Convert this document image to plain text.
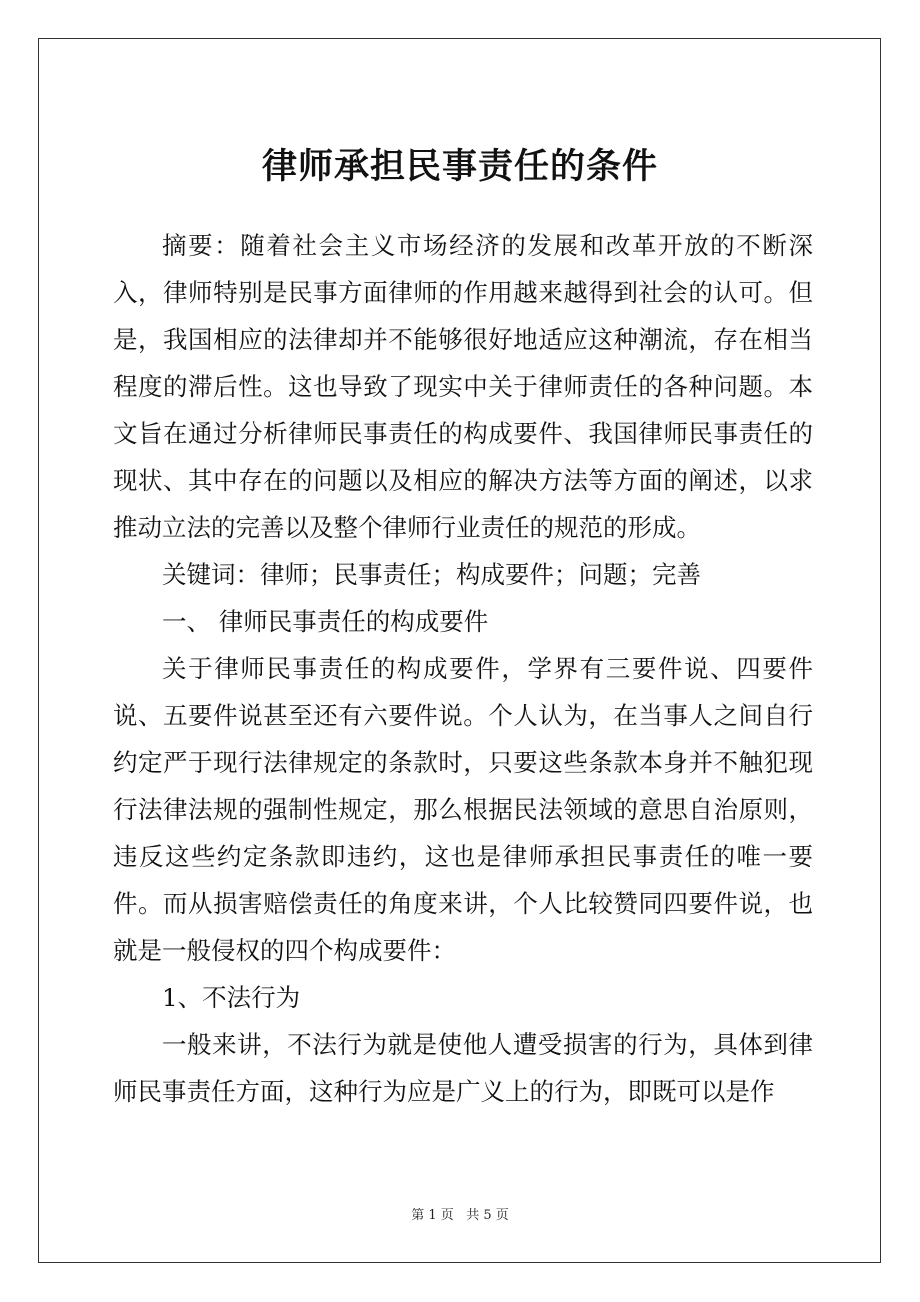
律师承担民事责任的条件

摘要：随着社会主义市场经济的发展和改革开放的不断深入，律师特别是民事方面律师的作用越来越得到社会的认可。但是，我国相应的法律却并不能够很好地适应这种潮流，存在相当程度的滞后性。这也导致了现实中关于律师责任的各种问题。本文旨在通过分析律师民事责任的构成要件、我国律师民事责任的现状、其中存在的问题以及相应的解决方法等方面的阐述，以求推动立法的完善以及整个律师行业责任的规范的形成。

关键词：律师；民事责任；构成要件；问题；完善

一、 律师民事责任的构成要件

关于律师民事责任的构成要件，学界有三要件说、四要件说、五要件说甚至还有六要件说。个人认为，在当事人之间自行约定严于现行法律规定的条款时，只要这些条款本身并不触犯现行法律法规的强制性规定，那么根据民法领域的意思自治原则，违反这些约定条款即违约，这也是律师承担民事责任的唯一要件。而从损害赔偿责任的角度来讲，个人比较赞同四要件说，也就是一般侵权的四个构成要件：

1、不法行为

一般来讲，不法行为就是使他人遭受损害的行为，具体到律师民事责任方面，这种行为应是广义上的行为，即既可以是作

第 1 页   共 5 页
